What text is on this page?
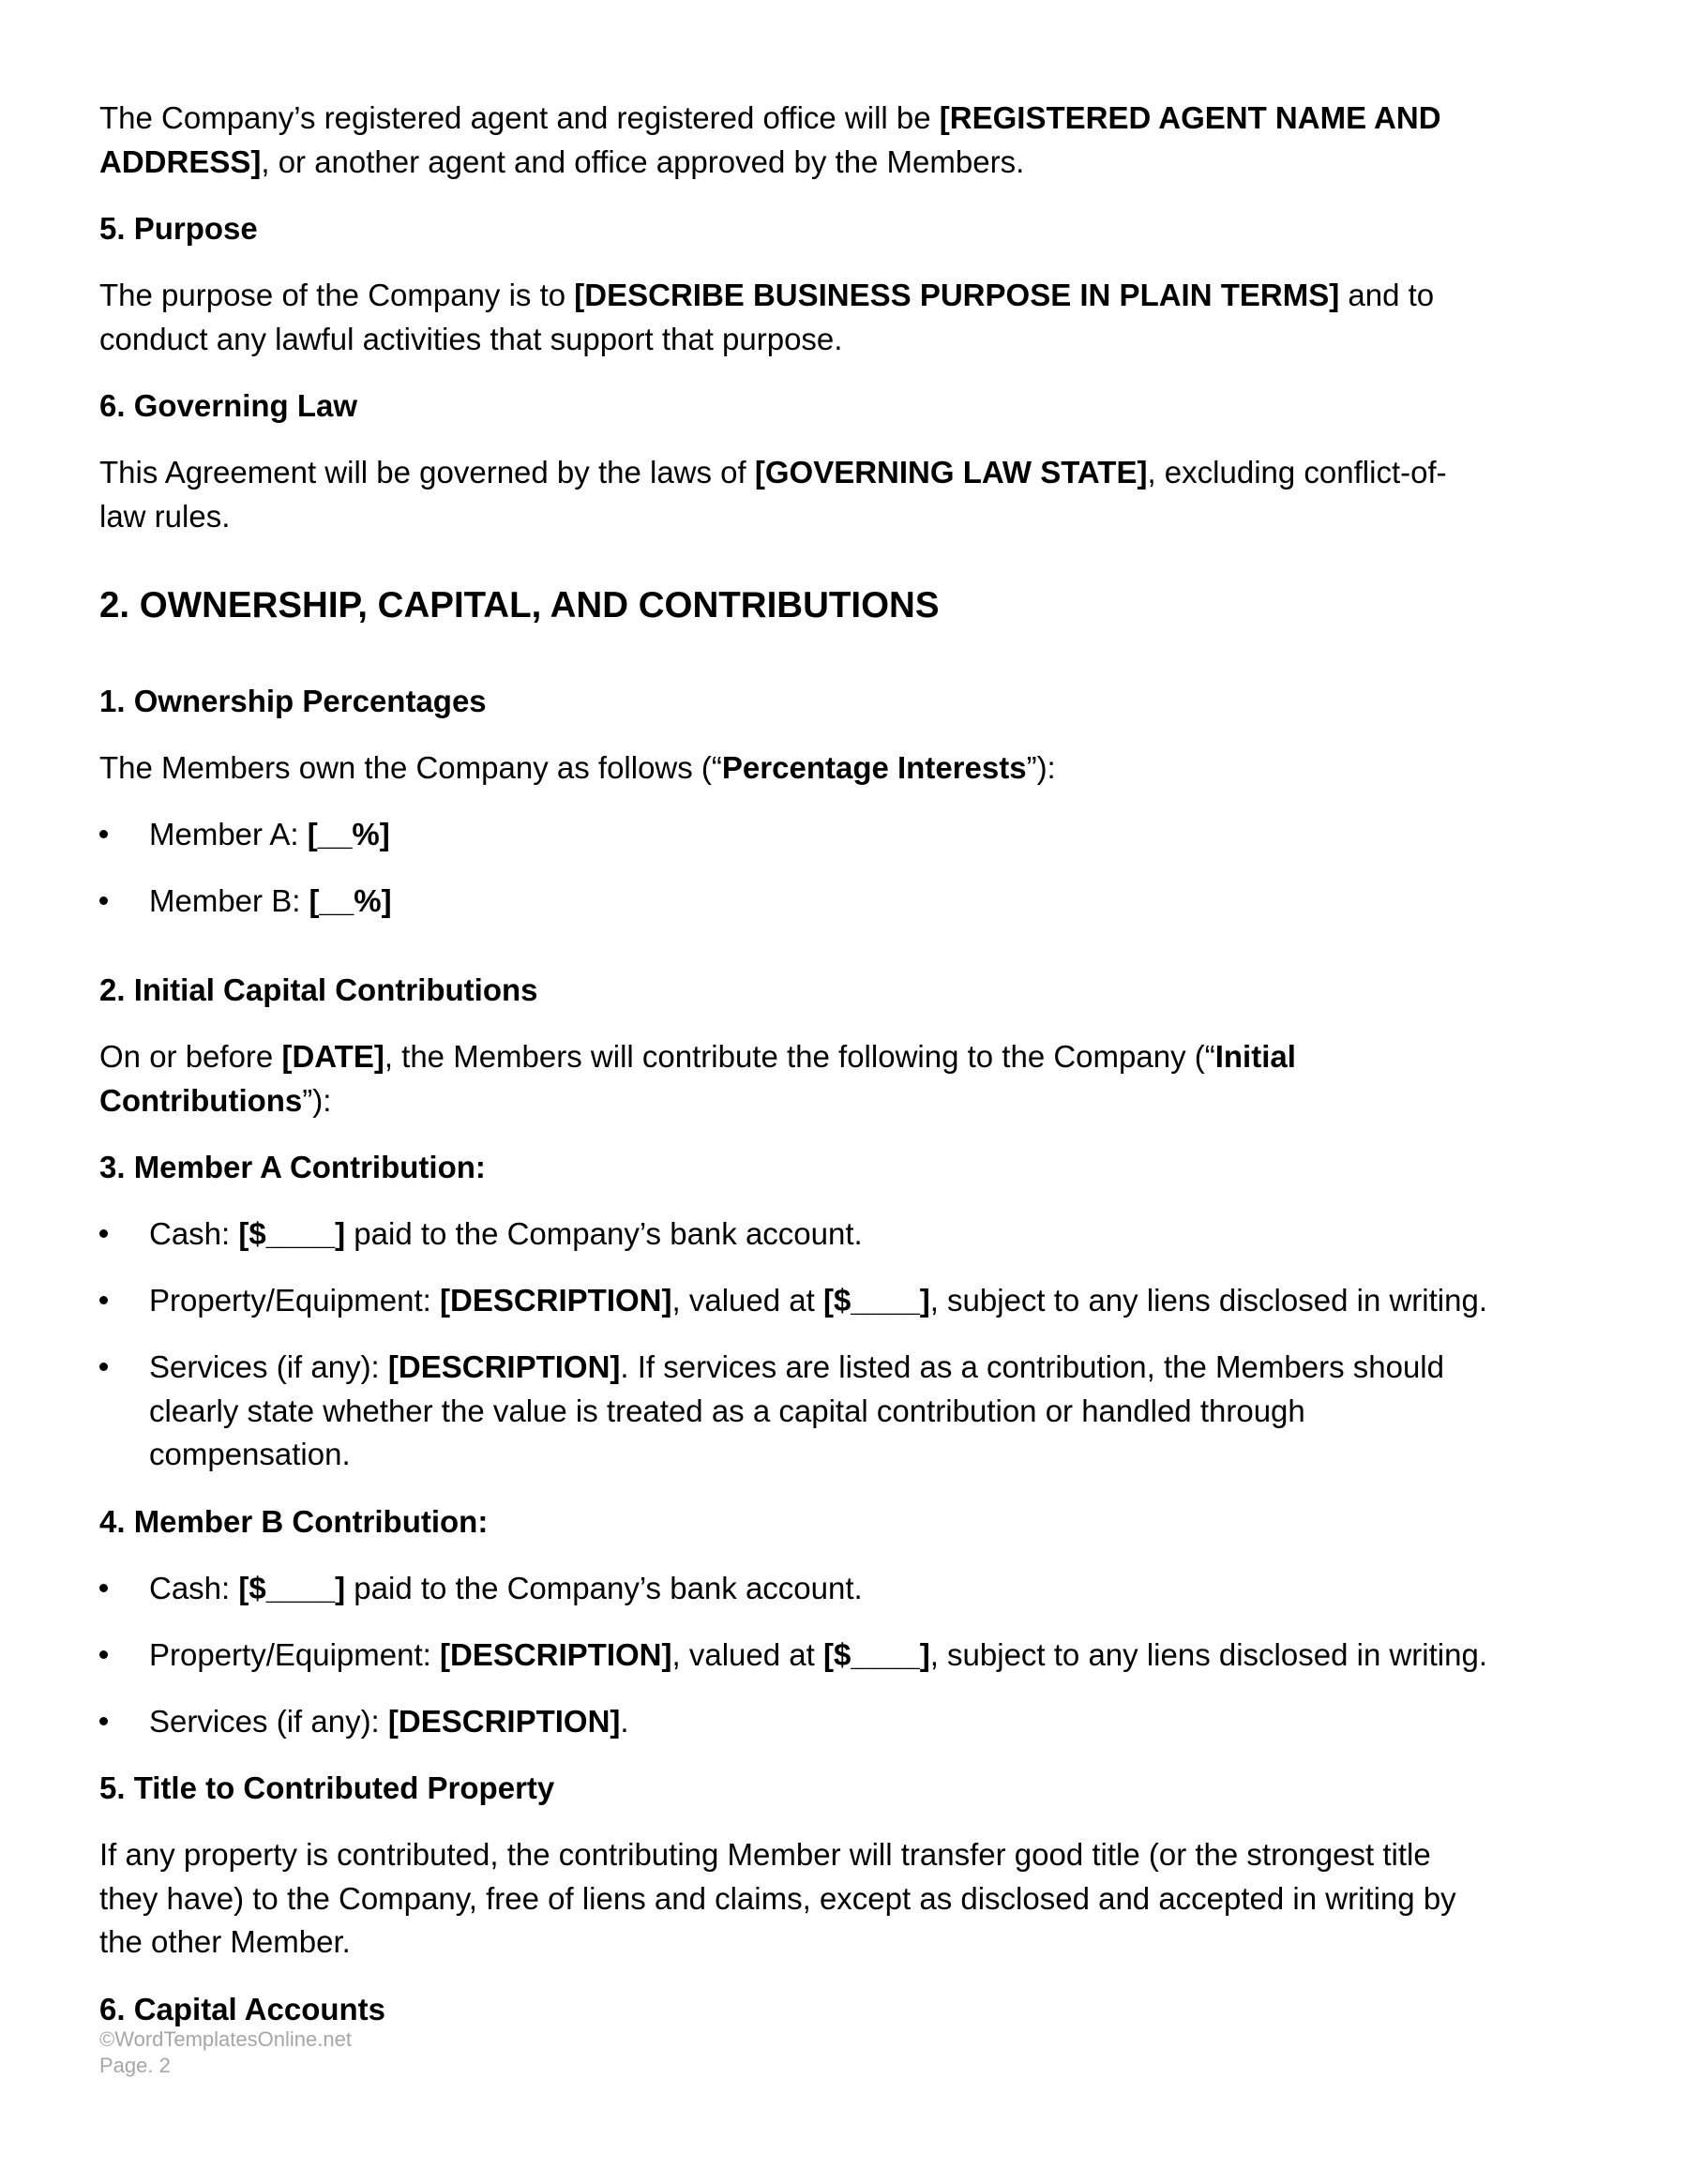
The Company’s registered agent and registered office will be [REGISTERED AGENT NAME AND
ADDRESS], or another agent and office approved by the Members.
5. Purpose
The purpose of the Company is to [DESCRIBE BUSINESS PURPOSE IN PLAIN TERMS] and to
conduct any lawful activities that support that purpose.
6. Governing Law
This Agreement will be governed by the laws of [GOVERNING LAW STATE], excluding conflict-of-
law rules.
2. OWNERSHIP, CAPITAL, AND CONTRIBUTIONS
1. Ownership Percentages
The Members own the Company as follows (“Percentage Interests”):
Member A: [__%]
Member B: [__%]
2. Initial Capital Contributions
On or before [DATE], the Members will contribute the following to the Company (“Initial
Contributions”):
3. Member A Contribution:
Cash: [$____] paid to the Company’s bank account.
Property/Equipment: [DESCRIPTION], valued at [$____], subject to any liens disclosed in writing.
Services (if any): [DESCRIPTION]. If services are listed as a contribution, the Members should
clearly state whether the value is treated as a capital contribution or handled through
compensation.
4. Member B Contribution:
Cash: [$____] paid to the Company’s bank account.
Property/Equipment: [DESCRIPTION], valued at [$____], subject to any liens disclosed in writing.
Services (if any): [DESCRIPTION].
5. Title to Contributed Property
If any property is contributed, the contributing Member will transfer good title (or the strongest title
they have) to the Company, free of liens and claims, except as disclosed and accepted in writing by
the other Member.
6. Capital Accounts
©WordTemplatesOnline.net
Page. 2
